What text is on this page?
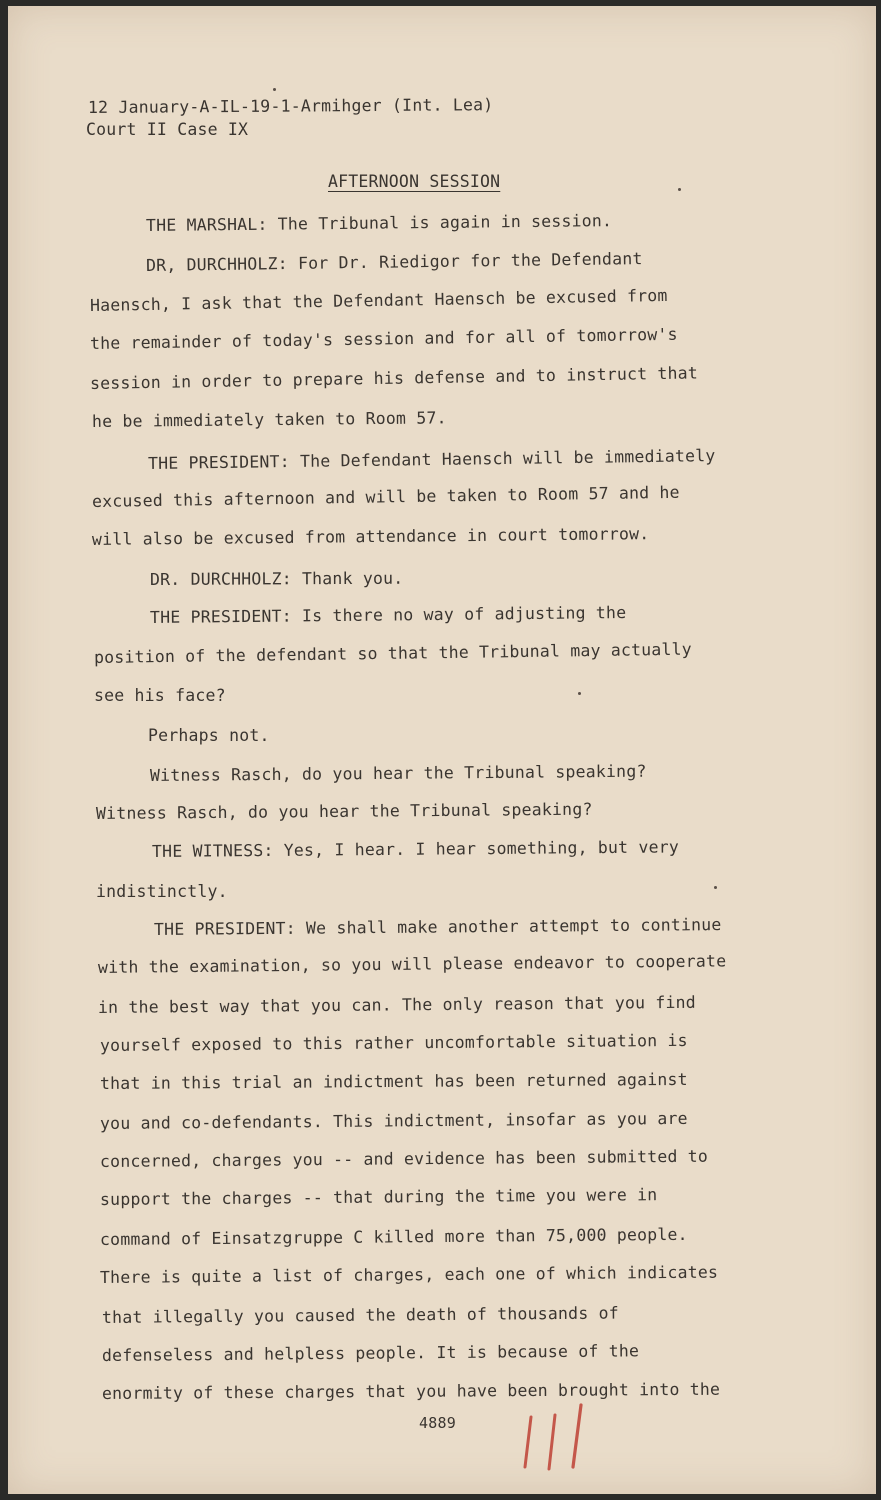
12 January-A-IL-19-1-Armihger (Int. Lea)
Court II Case IX
AFTERNOON SESSION
THE MARSHAL: The Tribunal is again in session.
DR, DURCHHOLZ: For Dr. Riedigor for the Defendant
Haensch, I ask that the Defendant Haensch be excused from
the remainder of today's session and for all of tomorrow's
session in order to prepare his defense and to instruct that
he be immediately taken to Room 57.
THE PRESIDENT: The Defendant Haensch will be immediately
excused this afternoon and will be taken to Room 57 and he
will also be excused from attendance in court tomorrow.
DR. DURCHHOLZ: Thank you.
THE PRESIDENT: Is there no way of adjusting the
position of the defendant so that the Tribunal may actually
see his face?
Perhaps not.
Witness Rasch, do you hear the Tribunal speaking?
Witness Rasch, do you hear the Tribunal speaking?
THE WITNESS: Yes, I hear. I hear something, but very
indistinctly.
THE PRESIDENT: We shall make another attempt to continue
with the examination, so you will please endeavor to cooperate
in the best way that you can. The only reason that you find
yourself exposed to this rather uncomfortable situation is
that in this trial an indictment has been returned against
you and co-defendants. This indictment, insofar as you are
concerned, charges you -- and evidence has been submitted to
support the charges -- that during the time you were in
command of Einsatzgruppe C killed more than 75,000 people.
There is quite a list of charges, each one of which indicates
that illegally you caused the death of thousands of
defenseless and helpless people. It is because of the
enormity of these charges that you have been brought into the
4889
